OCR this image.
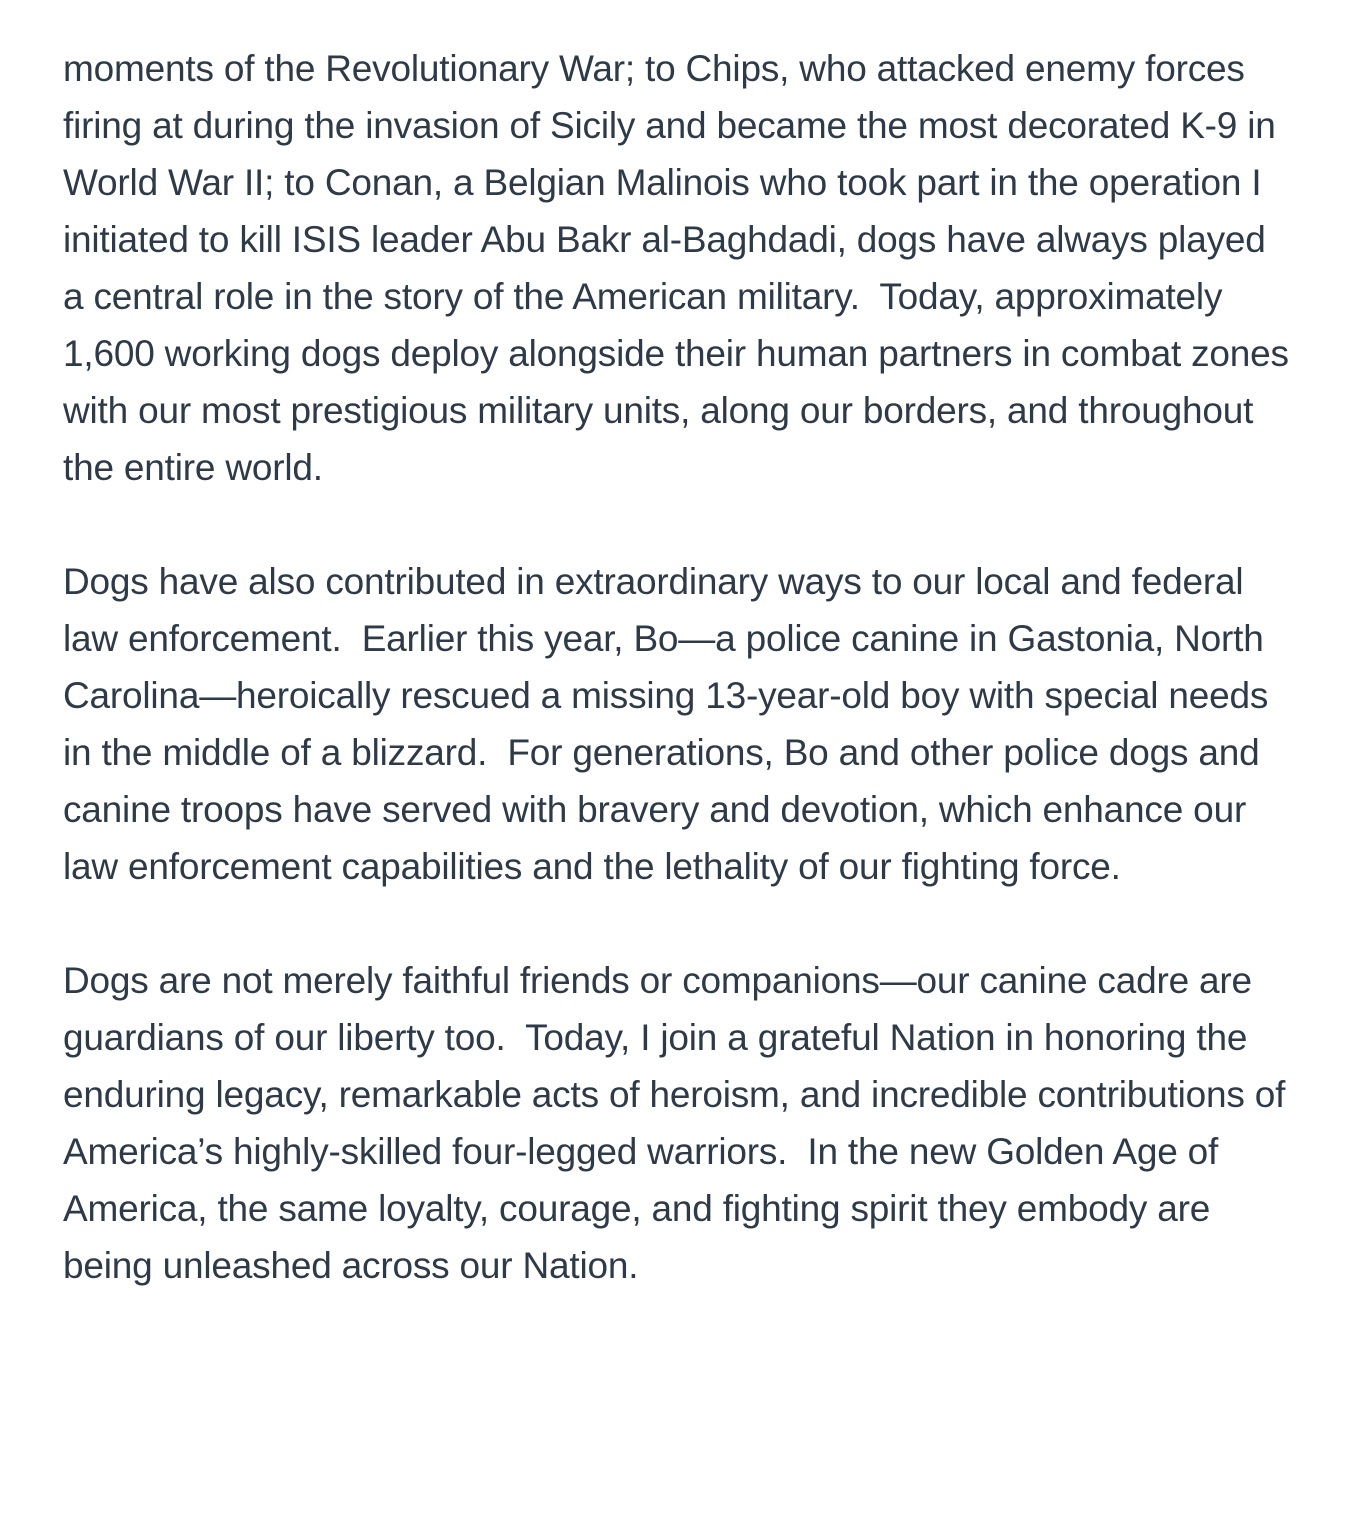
moments of the Revolutionary War; to Chips, who attacked enemy forces firing at during the invasion of Sicily and became the most decorated K-9 in World War II; to Conan, a Belgian Malinois who took part in the operation I initiated to kill ISIS leader Abu Bakr al-Baghdadi, dogs have always played a central role in the story of the American military.  Today, approximately 1,600 working dogs deploy alongside their human partners in combat zones with our most prestigious military units, along our borders, and throughout the entire world.

Dogs have also contributed in extraordinary ways to our local and federal law enforcement.  Earlier this year, Bo—a police canine in Gastonia, North Carolina—heroically rescued a missing 13-year-old boy with special needs in the middle of a blizzard.  For generations, Bo and other police dogs and canine troops have served with bravery and devotion, which enhance our law enforcement capabilities and the lethality of our fighting force.

Dogs are not merely faithful friends or companions—our canine cadre are guardians of our liberty too.  Today, I join a grateful Nation in honoring the enduring legacy, remarkable acts of heroism, and incredible contributions of America’s highly-skilled four-legged warriors.  In the new Golden Age of America, the same loyalty, courage, and fighting spirit they embody are being unleashed across our Nation.
